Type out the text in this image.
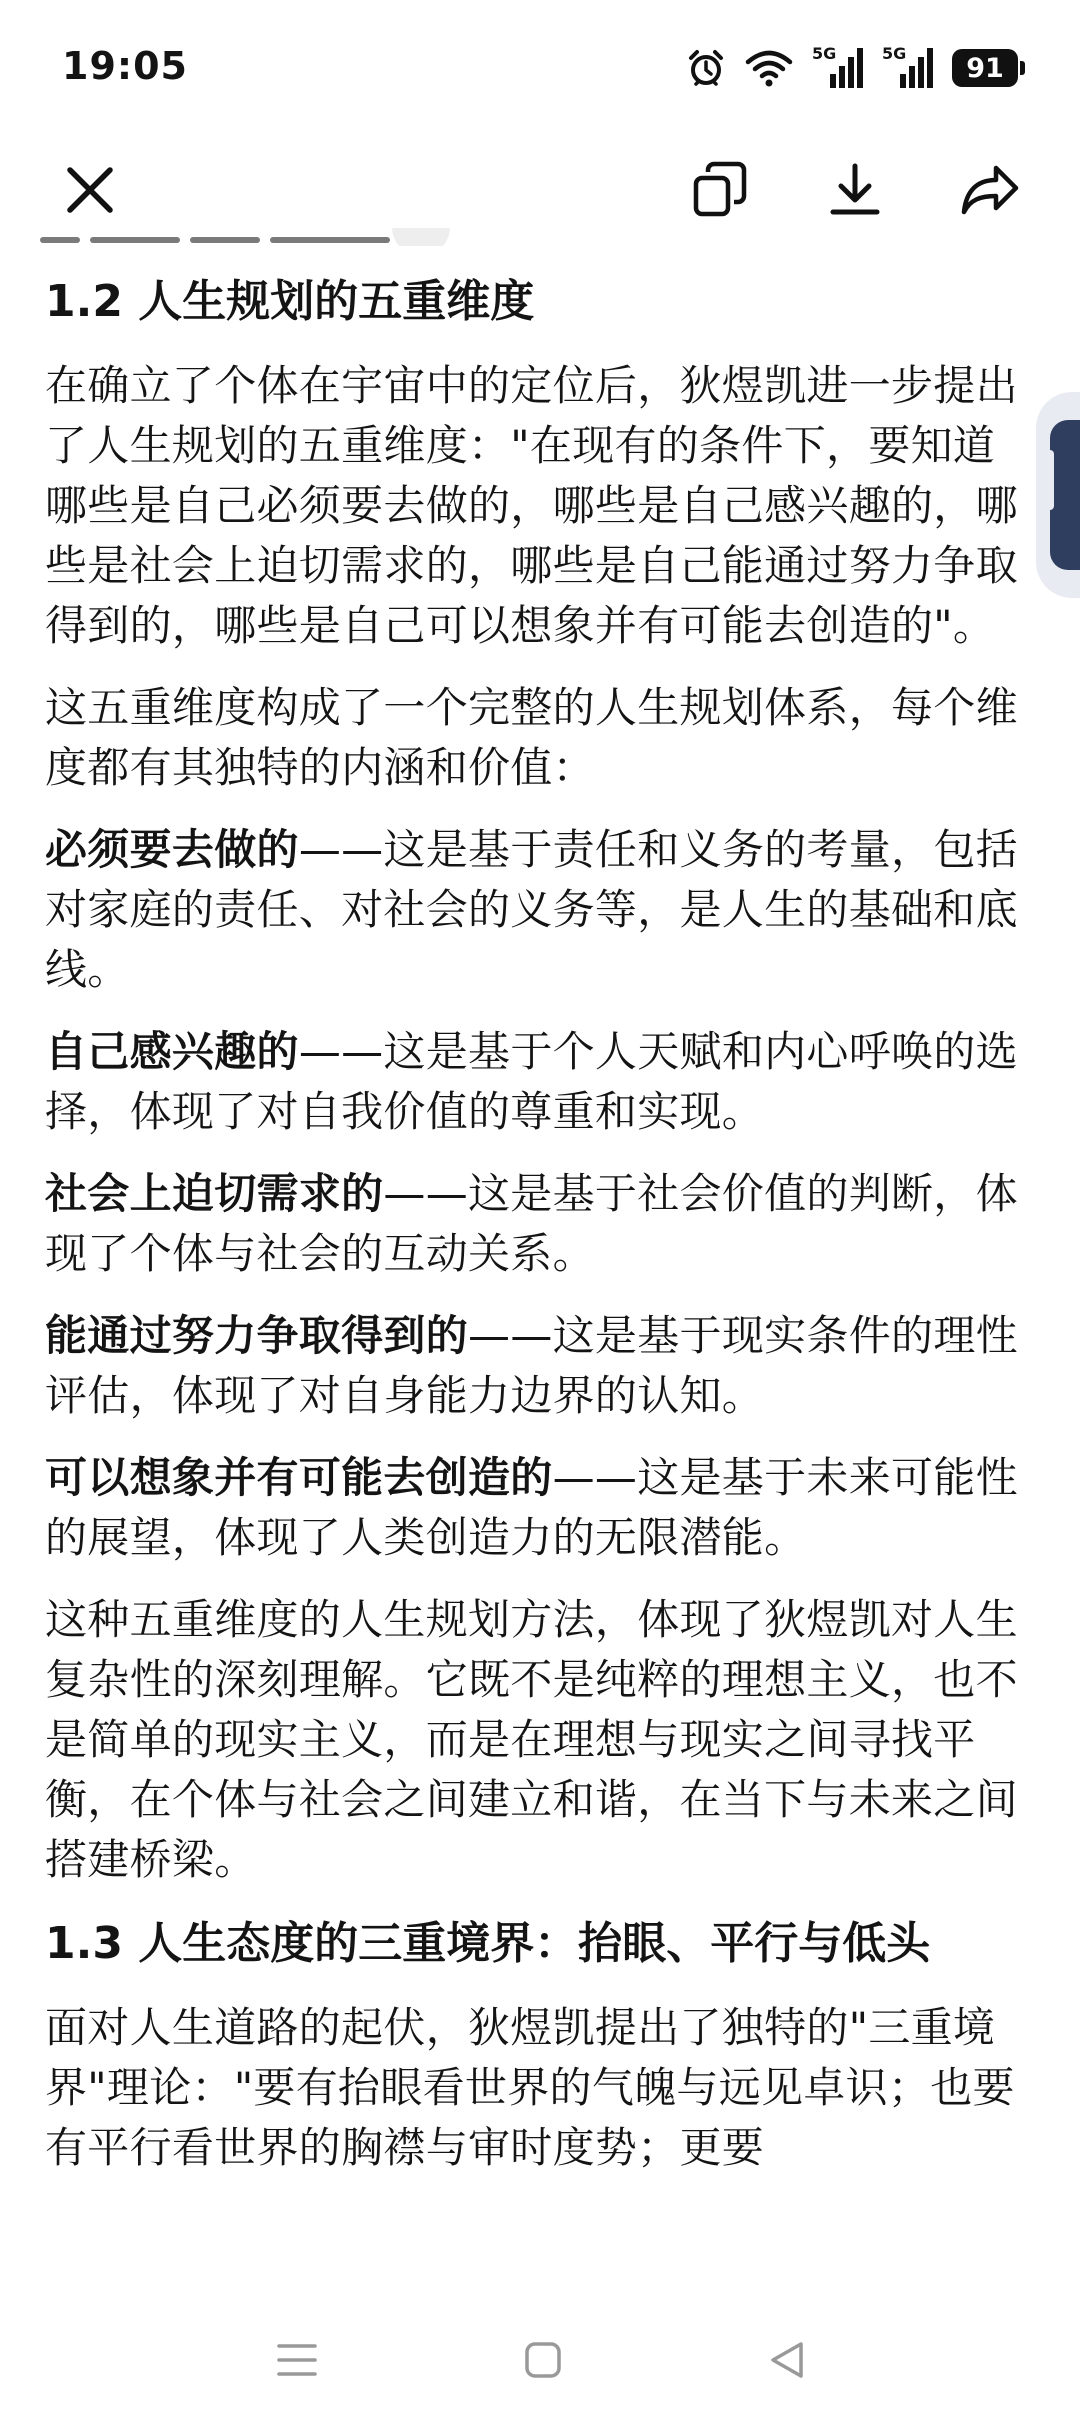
19:05	5G	5G	91
1.2 人生规划的五重维度

在确立了个体在宇宙中的定位后，狄煜凯进一步提出了人生规划的五重维度："在现有的条件下，要知道哪些是自己必须要去做的，哪些是自己感兴趣的，哪些是社会上迫切需求的，哪些是自己能通过努力争取得到的，哪些是自己可以想象并有可能去创造的"。

这五重维度构成了一个完整的人生规划体系，每个维度都有其独特的内涵和价值：

必须要去做的——这是基于责任和义务的考量，包括对家庭的责任、对社会的义务等，是人生的基础和底线。

自己感兴趣的——这是基于个人天赋和内心呼唤的选择，体现了对自我价值的尊重和实现。

社会上迫切需求的——这是基于社会价值的判断，体现了个体与社会的互动关系。

能通过努力争取得到的——这是基于现实条件的理性评估，体现了对自身能力边界的认知。

可以想象并有可能去创造的——这是基于未来可能性的展望，体现了人类创造力的无限潜能。

这种五重维度的人生规划方法，体现了狄煜凯对人生复杂性的深刻理解。它既不是纯粹的理想主义，也不是简单的现实主义，而是在理想与现实之间寻找平衡，在个体与社会之间建立和谐，在当下与未来之间搭建桥梁。

1.3 人生态度的三重境界：抬眼、平行与低头

面对人生道路的起伏，狄煜凯提出了独特的"三重境界"理论："要有抬眼看世界的气魄与远见卓识；也要有平行看世界的胸襟与审时度势；更要
